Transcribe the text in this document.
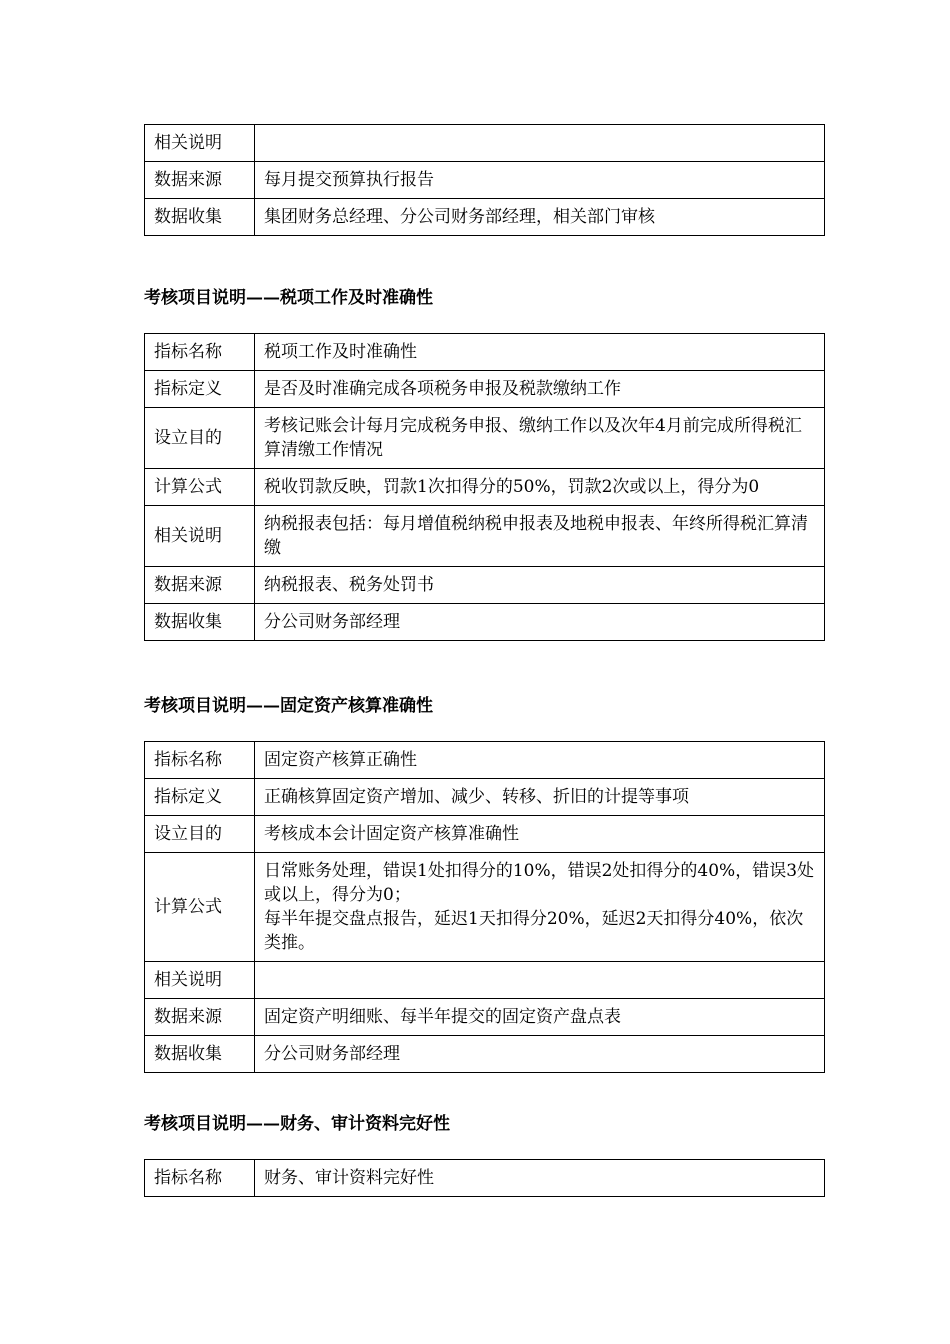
相关说明	
数据来源	每月提交预算执行报告
数据收集	集团财务总经理、分公司财务部经理，相关部门审核
考核项目说明——税项工作及时准确性
指标名称	税项工作及时准确性
指标定义	是否及时准确完成各项税务申报及税款缴纳工作
设立目的	考核记账会计每月完成税务申报、缴纳工作以及次年4月前完成所得税汇算清缴工作情况
计算公式	税收罚款反映，罚款1次扣得分的50%，罚款2次或以上，得分为0
相关说明	纳税报表包括：每月增值税纳税申报表及地税申报表、年终所得税汇算清缴
数据来源	纳税报表、税务处罚书
数据收集	分公司财务部经理
考核项目说明——固定资产核算准确性
指标名称	固定资产核算正确性
指标定义	正确核算固定资产增加、减少、转移、折旧的计提等事项
设立目的	考核成本会计固定资产核算准确性
计算公式	日常账务处理，错误1处扣得分的10%，错误2处扣得分的40%，错误3处或以上，得分为0；
每半年提交盘点报告，延迟1天扣得分20%，延迟2天扣得分40%，依次类推。

相关说明	
数据来源	固定资产明细账、每半年提交的固定资产盘点表
数据收集	分公司财务部经理
考核项目说明——财务、审计资料完好性
指标名称	财务、审计资料完好性
